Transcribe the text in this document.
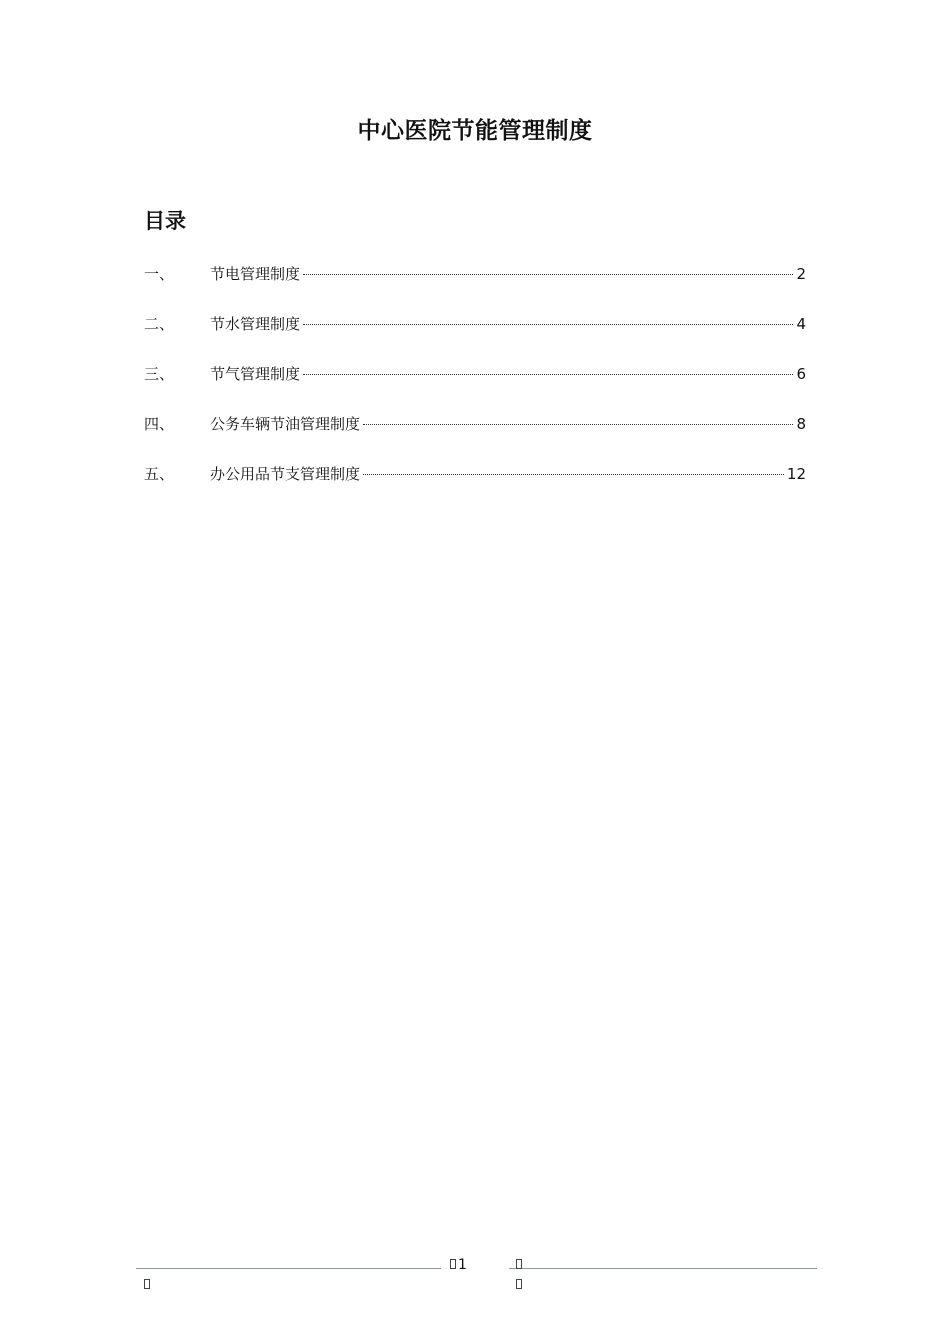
中心医院节能管理制度
目录
一、	节电管理制度	2
二、	节水管理制度	4
三、	节气管理制度	6
四、	公务车辆节油管理制度	8
五、	办公用品节支管理制度	12
1
